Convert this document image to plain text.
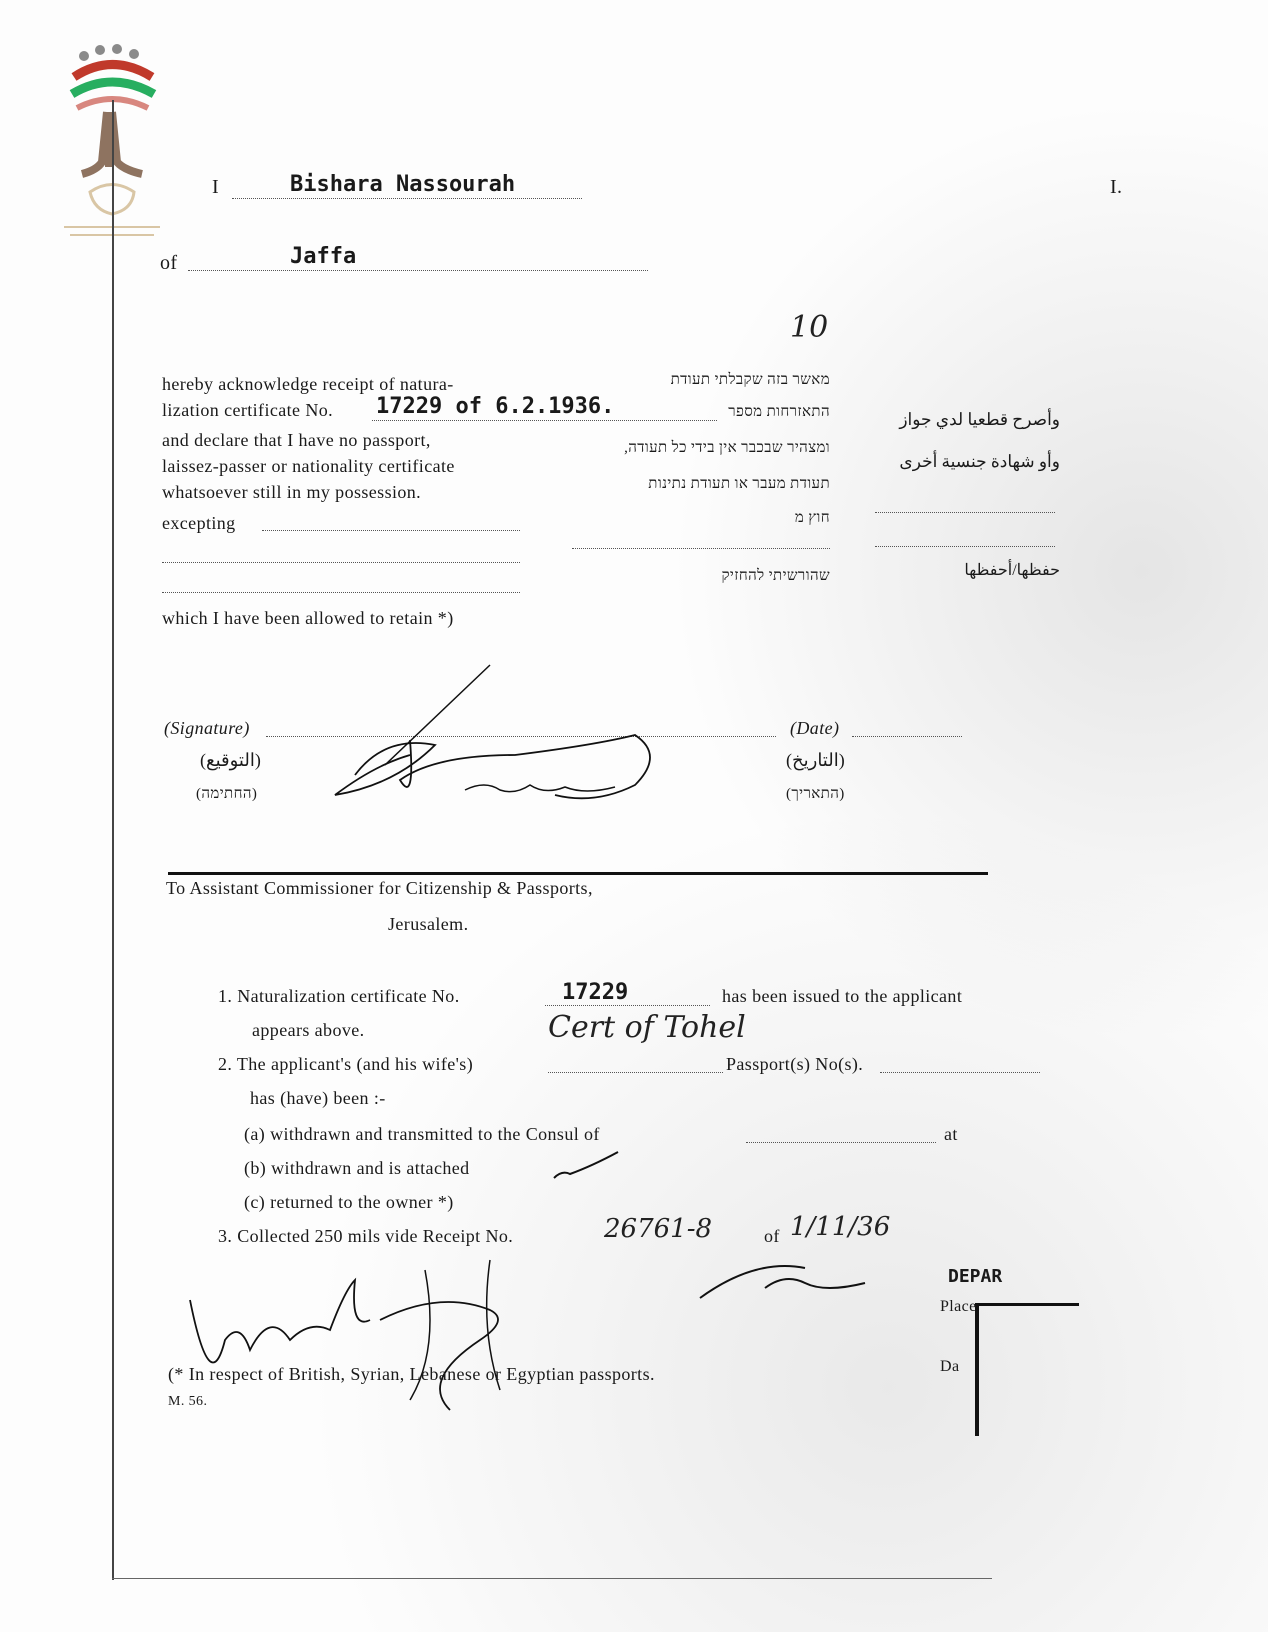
I	Bishara Nassourah	I.
of	Jaffa
10
hereby acknowledge receipt of natura-
lization certificate No. 17229 of 6.2.1936.
and declare that I have no passport,
laissez-passer or nationality certificate
whatsoever still in my possession.
excepting
which I have been allowed to retain *)
מאשר בזה שקבלתי תעודת
התאזרחות מספר
ומצהיר שבכבר אין בידי כל תעודה,
תעודת מעבר או תעודת נתינות
חוץ מ
שהורשיתי להחזיק
وأصرح قطعيا لدي جواز
وأو شهادة جنسية أخرى
حفظها/أحفظها
(Signature)
(التوقيع)
(החתימה)
(Date)
(التاريخ)
(התאריך)
To Assistant Commissioner for Citizenship & Passports,
Jerusalem.
1. Naturalization certificate No.	17229	has been issued to the applicant
appears above.	Cert of Tohel
2. The applicant's (and his wife's)	Passport(s) No(s).
has (have) been :-
(a) withdrawn and transmitted to the Consul of	at
(b) withdrawn and is attached
(c) returned to the owner *)
3. Collected 250 mils vide Receipt No.	26761-8	of 1/11/36
(* In respect of British, Syrian, Lebanese or Egyptian passports.
M. 56.
DEPAR
Place
Da
